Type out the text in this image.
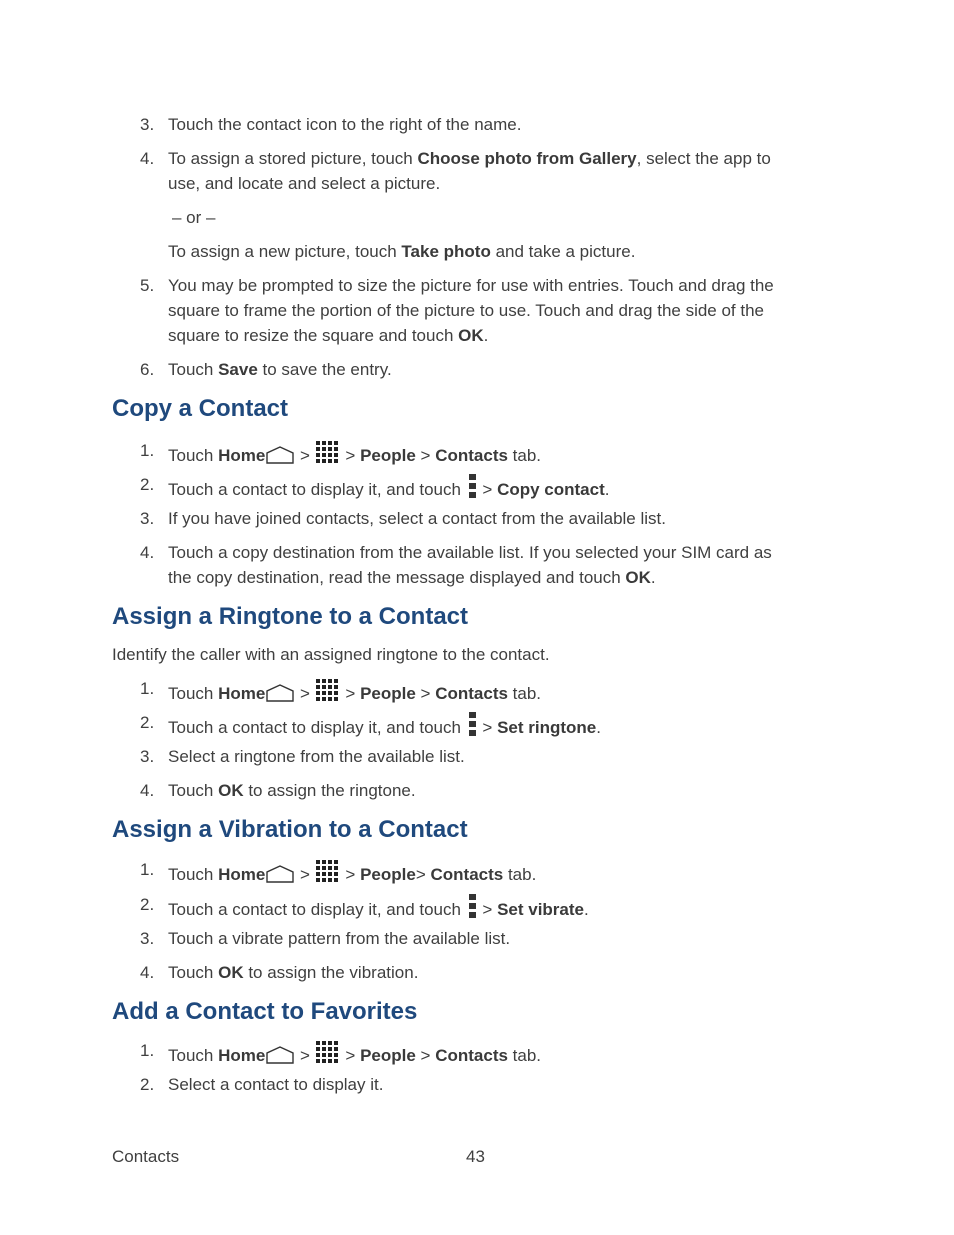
3. Touch the contact icon to the right of the name.
4. To assign a stored picture, touch Choose photo from Gallery, select the app to
use, and locate and select a picture.
– or –
To assign a new picture, touch Take photo and take a picture.
5. You may be prompted to size the picture for use with entries. Touch and drag the
square to frame the portion of the picture to use. Touch and drag the side of the
square to resize the square and touch OK.
6. Touch Save to save the entry.
Copy a Contact
1. Touch Home >  > People > Contacts tab.
2. Touch a contact to display it, and touch  > Copy contact.
3. If you have joined contacts, select a contact from the available list.
4. Touch a copy destination from the available list. If you selected your SIM card as
the copy destination, read the message displayed and touch OK.
Assign a Ringtone to a Contact
Identify the caller with an assigned ringtone to the contact.
1. Touch Home >  > People > Contacts tab.
2. Touch a contact to display it, and touch  > Set ringtone.
3. Select a ringtone from the available list.
4. Touch OK to assign the ringtone.
Assign a Vibration to a Contact
1. Touch Home >  > People> Contacts tab.
2. Touch a contact to display it, and touch  > Set vibrate.
3. Touch a vibrate pattern from the available list.
4. Touch OK to assign the vibration.
Add a Contact to Favorites
1. Touch Home >  > People > Contacts tab.
2. Select a contact to display it.
Contacts	43
